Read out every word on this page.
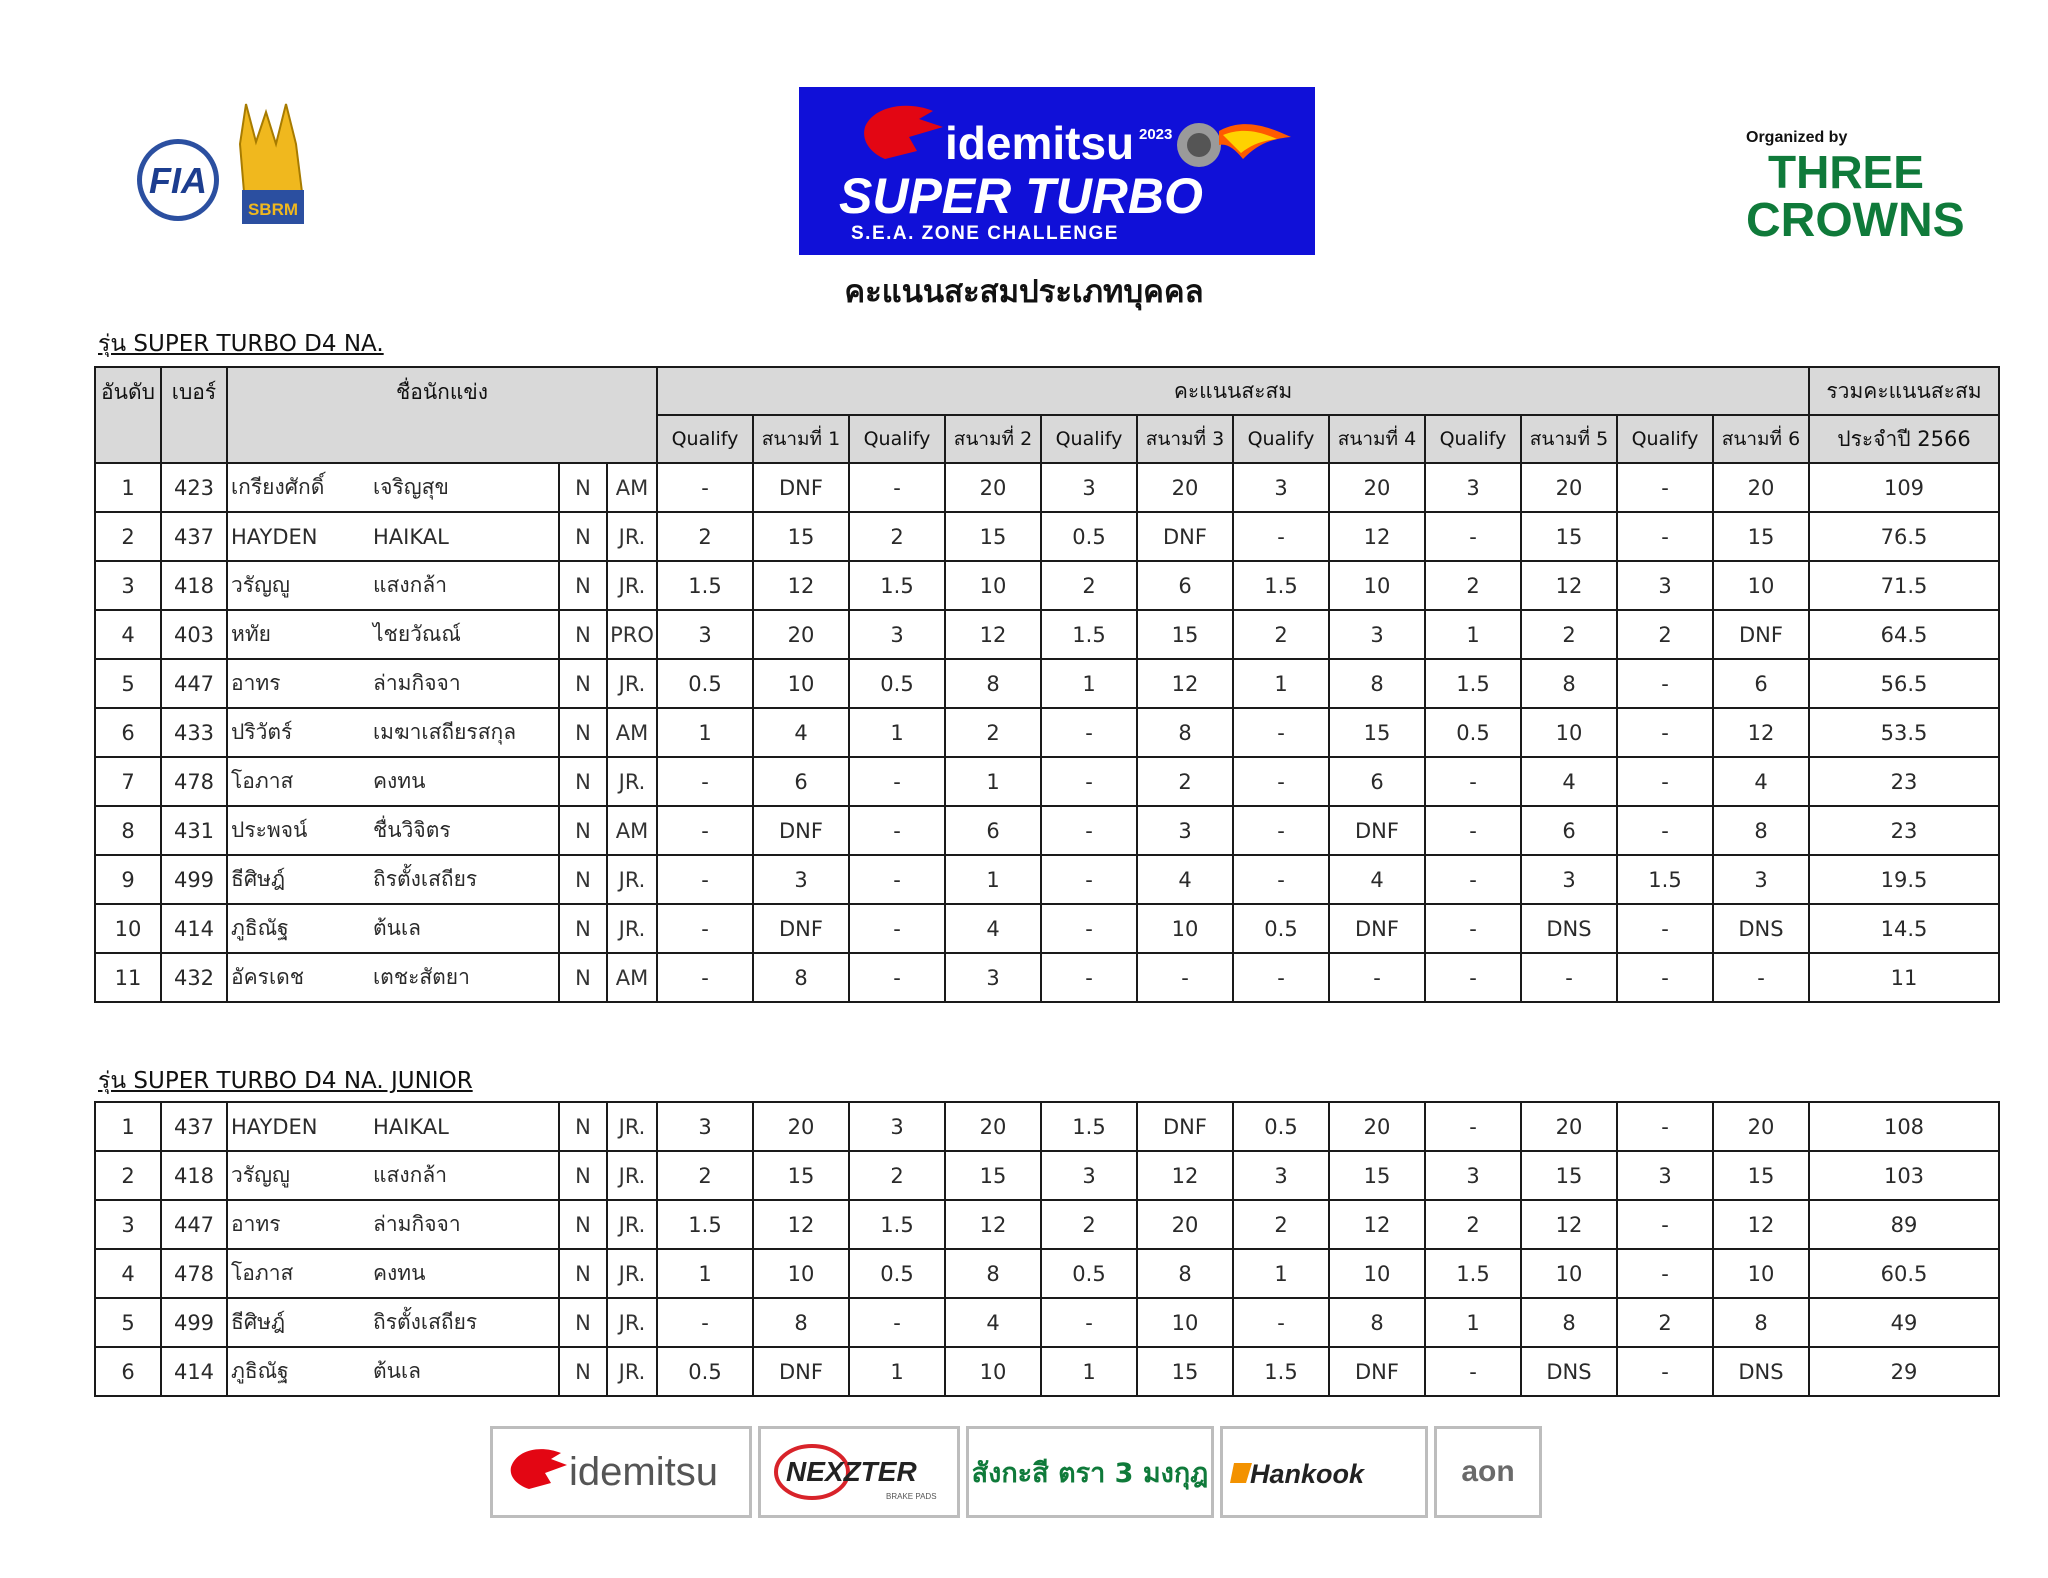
FIA
SBRM
idemitsu 2023
SUPER TURBO
S.E.A. ZONE CHALLENGE
Organized by
THREE
CROWNS
คะแนนสะสมประเภทบุคคล
รุ่น SUPER TURBO D4 NA.
อันดับ	เบอร์	ชื่อนักแข่ง				คะแนนสะสม												รวมคะแนนสะสม
						Qualify	สนามที่ 1	Qualify	สนามที่ 2	Qualify	สนามที่ 3	Qualify	สนามที่ 4	Qualify	สนามที่ 5	Qualify	สนามที่ 6	ประจำปี 2566
1	423	เกรียงศักดิ์	เจริญสุข	N	AM	-	DNF	-	20	3	20	3	20	3	20	-	20	109
2	437	HAYDEN	HAIKAL	N	JR.	2	15	2	15	0.5	DNF	-	12	-	15	-	15	76.5
3	418	วรัญญู	แสงกล้า	N	JR.	1.5	12	1.5	10	2	6	1.5	10	2	12	3	10	71.5
4	403	หทัย	ไชยวัณณ์	N	PRO	3	20	3	12	1.5	15	2	3	1	2	2	DNF	64.5
5	447	อาทร	ล่ามกิจจา	N	JR.	0.5	10	0.5	8	1	12	1	8	1.5	8	-	6	56.5
6	433	ปริวัตร์	เมฆาเสถียรสกุล	N	AM	1	4	1	2	-	8	-	15	0.5	10	-	12	53.5
7	478	โอภาส	คงทน	N	JR.	-	6	-	1	-	2	-	6	-	4	-	4	23
8	431	ประพจน์	ชื่นวิจิตร	N	AM	-	DNF	-	6	-	3	-	DNF	-	6	-	8	23
9	499	ธีศิษฎ์	ถิรตั้งเสถียร	N	JR.	-	3	-	1	-	4	-	4	-	3	1.5	3	19.5
10	414	ภูธิณัฐ	ต้นเล	N	JR.	-	DNF	-	4	-	10	0.5	DNF	-	DNS	-	DNS	14.5
11	432	อัครเดช	เตชะสัตยา	N	AM	-	8	-	3	-	-	-	-	-	-	-	-	11
รุ่น SUPER TURBO D4 NA. JUNIOR
1	437	HAYDEN	HAIKAL	N	JR.	3	20	3	20	1.5	DNF	0.5	20	-	20	-	20	108
2	418	วรัญญู	แสงกล้า	N	JR.	2	15	2	15	3	12	3	15	3	15	3	15	103
3	447	อาทร	ล่ามกิจจา	N	JR.	1.5	12	1.5	12	2	20	2	12	2	12	-	12	89
4	478	โอภาส	คงทน	N	JR.	1	10	0.5	8	0.5	8	1	10	1.5	10	-	10	60.5
5	499	ธีศิษฎ์	ถิรตั้งเสถียร	N	JR.	-	8	-	4	-	10	-	8	1	8	2	8	49
6	414	ภูธิณัฐ	ต้นเล	N	JR.	0.5	DNF	1	10	1	15	1.5	DNF	-	DNS	-	DNS	29
idemitsu NEXZTER
BRAKE PADS
สังกะสี ตรา 3 มงกุฎ Hankook	aon
